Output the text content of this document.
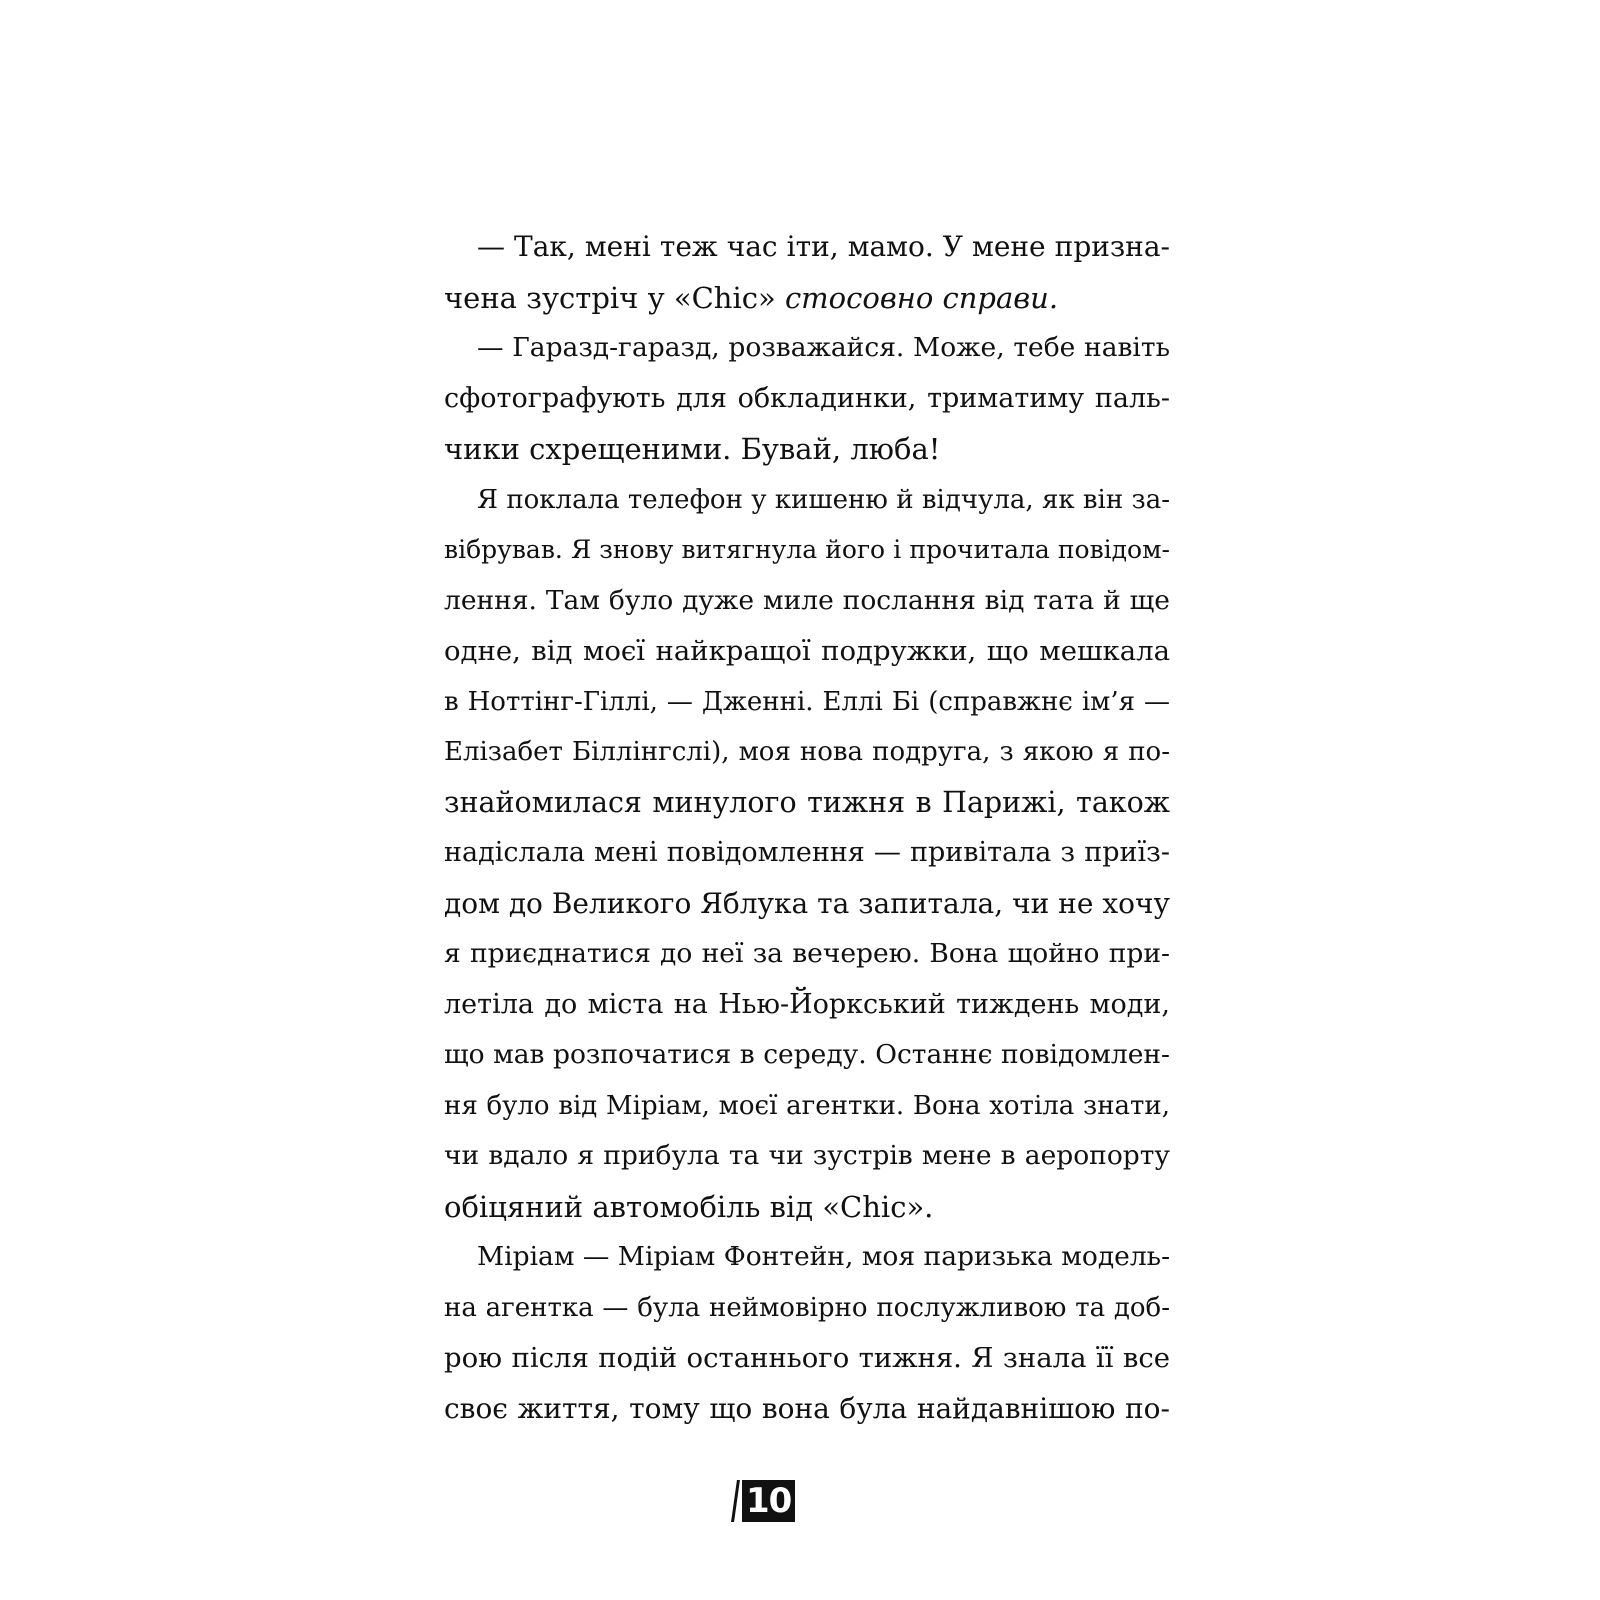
— Так, мені теж час іти, мамо. У мене призна-
чена зустріч у «Chic» стосовно справи.
— Гаразд-гаразд, розважайся. Може, тебе навіть
сфотографують для обкладинки, триматиму паль-
чики схрещеними. Бувай, люба!
Я поклала телефон у кишеню й відчула, як він за-
вібрував. Я знову витягнула його і прочитала повідом-
лення. Там було дуже миле послання від тата й ще
одне, від моєї найкращої подружки, що мешкала
в Ноттінг-Гіллі, — Дженні. Еллі Бі (справжнє ім’я —
Елізабет Біллінгслі), моя нова подруга, з якою я по-
знайомилася минулого тижня в Парижі, також
надіслала мені повідомлення — привітала з приїз-
дом до Великого Яблука та запитала, чи не хочу
я приєднатися до неї за вечерею. Вона щойно при-
летіла до міста на Нью-Йоркський тиждень моди,
що мав розпочатися в середу. Останнє повідомлен-
ня було від Міріам, моєї агентки. Вона хотіла знати,
чи вдало я прибула та чи зустрів мене в аеропорту
обіцяний автомобіль від «Chic».
Міріам — Міріам Фонтейн, моя паризька модель-
на агентка — була неймовірно послужливою та доб-
рою після подій останнього тижня. Я знала її все
своє життя, тому що вона була найдавнішою по-
10
